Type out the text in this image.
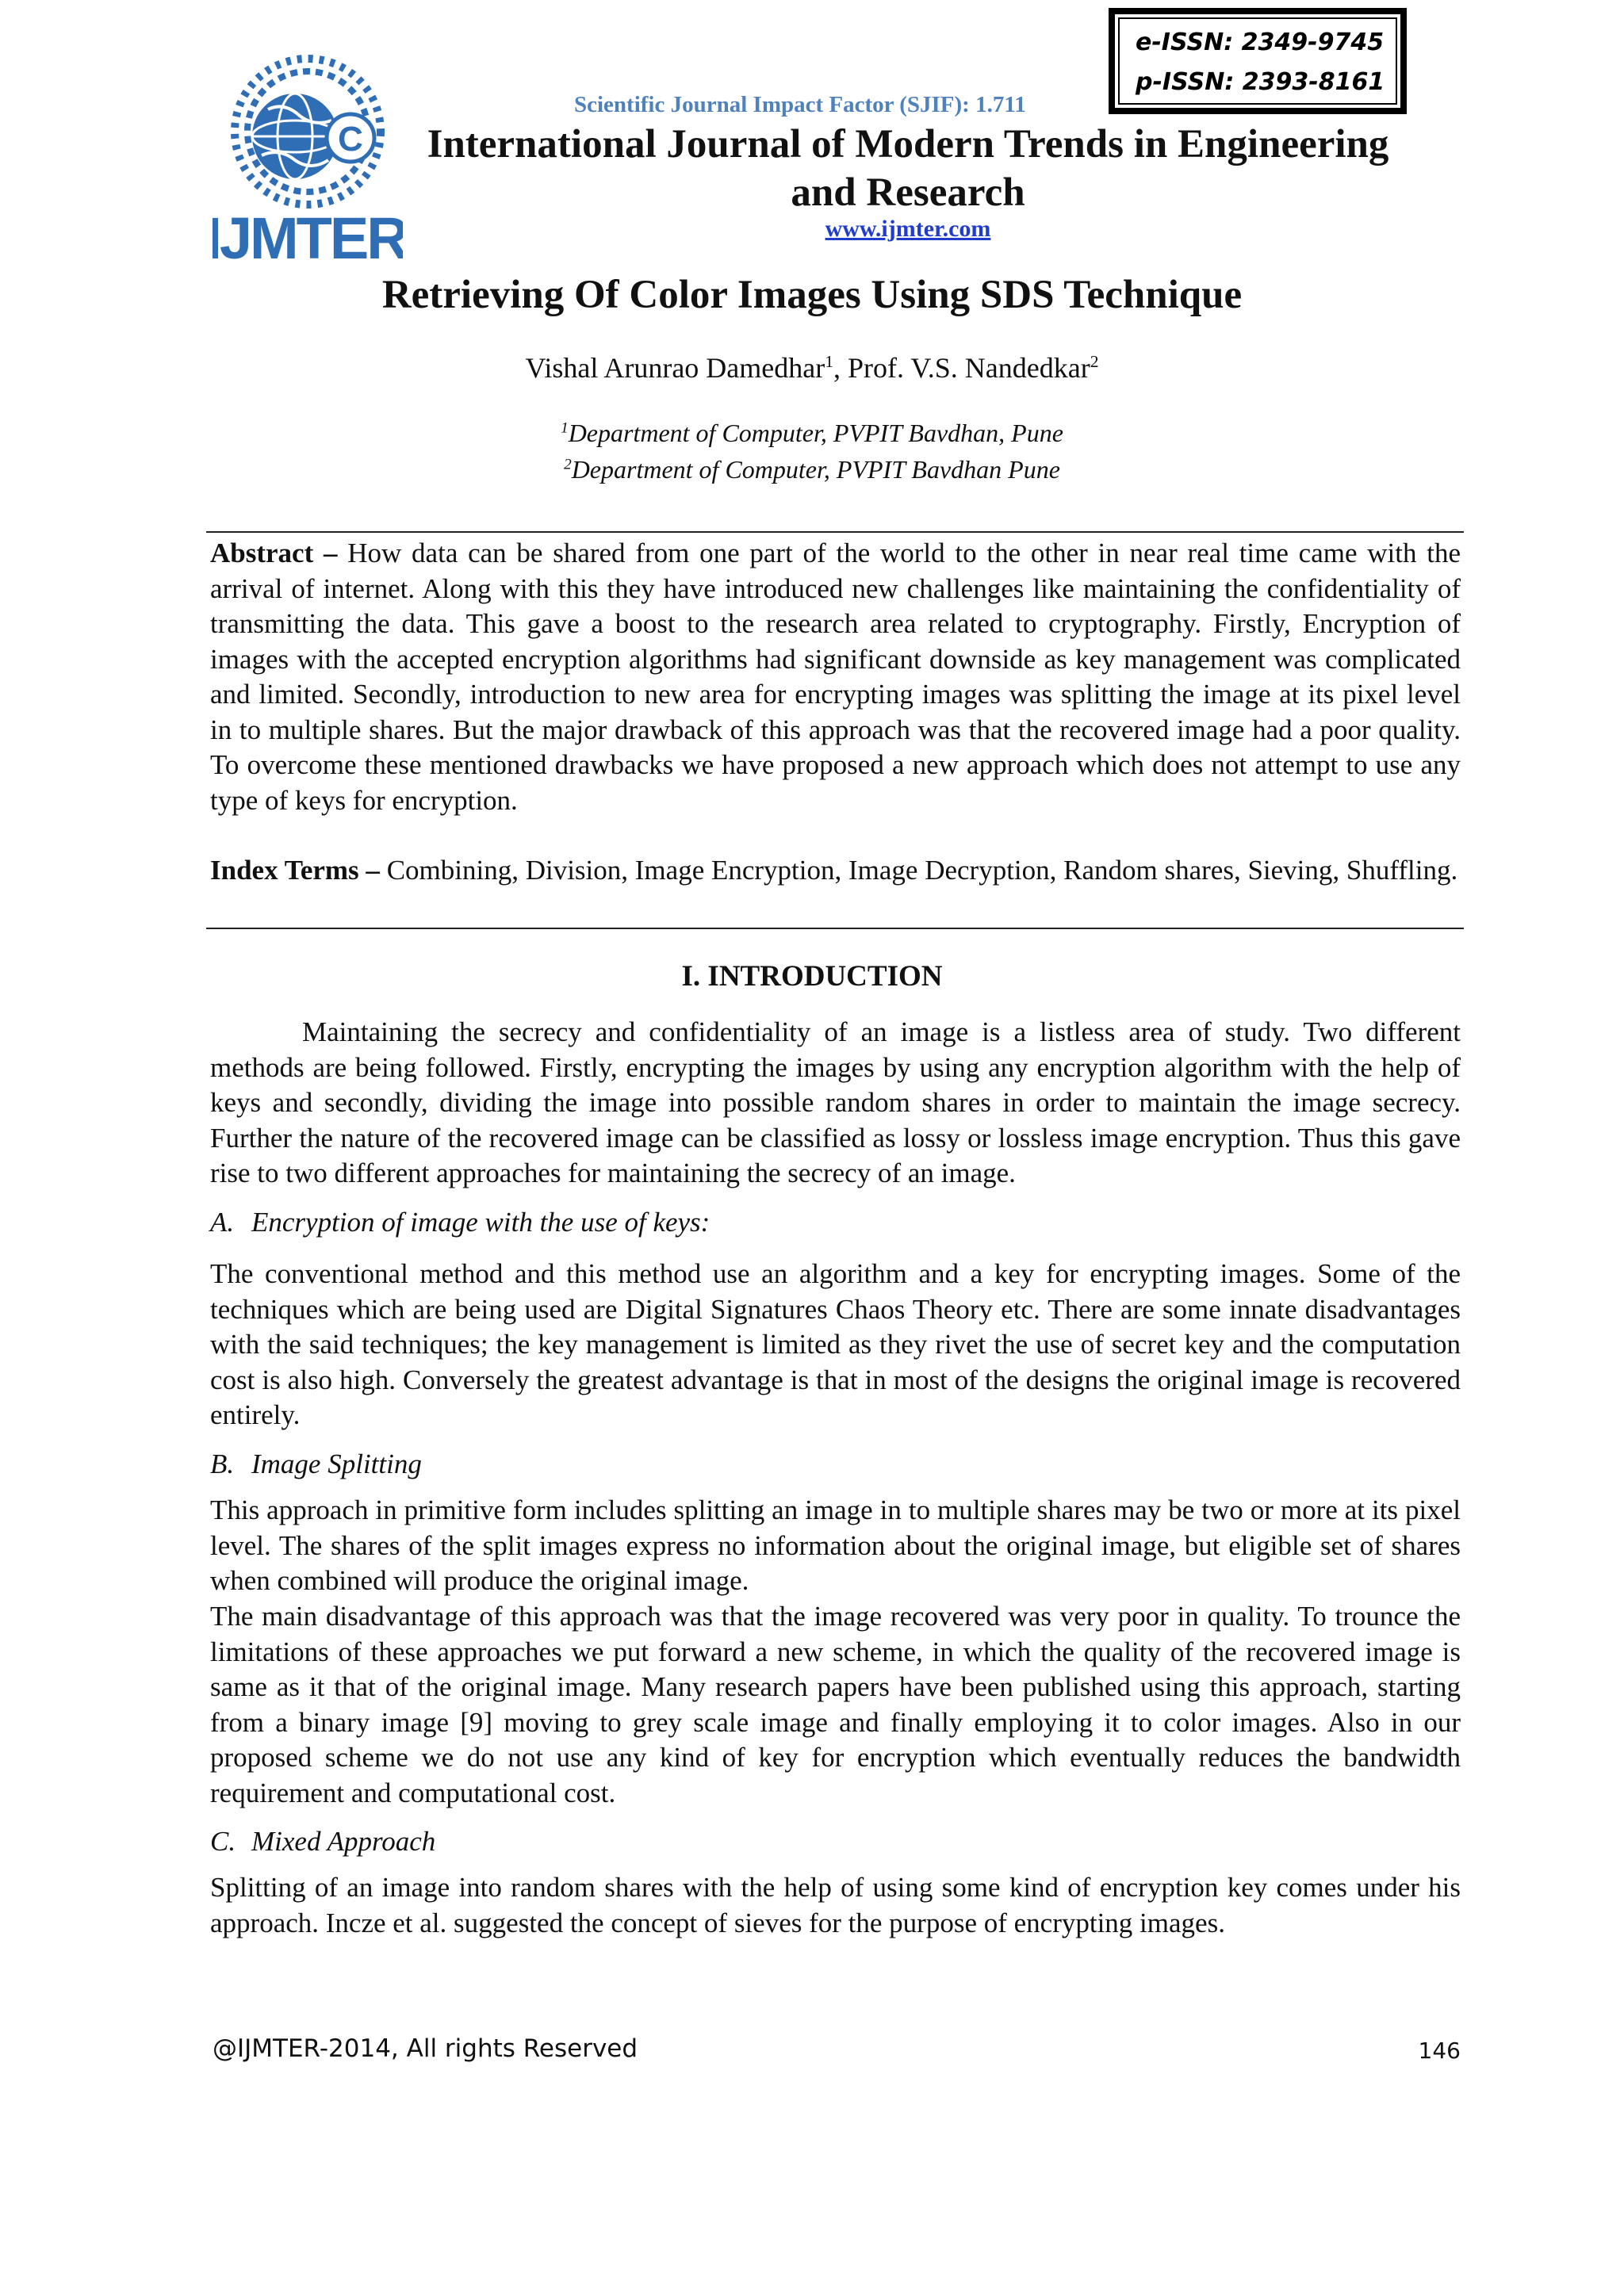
C
IJMTER
Scientific Journal Impact Factor (SJIF): 1.711
e-ISSN: 2349-9745
p-ISSN: 2393-8161
International Journal of Modern Trends in Engineering
and Research
www.ijmter.com
Retrieving Of Color Images Using SDS Technique
Vishal Arunrao Damedhar$^1$, Prof. V.S. Nandedkar$^2$
$^1$Department of Computer, PVPIT Bavdhan, Pune
$^2$Department of Computer, PVPIT Bavdhan Pune
Abstract – How data can be shared from one part of the world to the other in near real time came with the arrival of internet. Along with this they have introduced new challenges like maintaining the confidentiality of transmitting the data. This gave a boost to the research area related to cryptography. Firstly, Encryption of images with the accepted encryption algorithms had significant downside as key management was complicated and limited. Secondly, introduction to new area for encrypting images was splitting the image at its pixel level in to multiple shares. But the major drawback of this approach was that the recovered image had a poor quality. To overcome these mentioned drawbacks we have proposed a new approach which does not attempt to use any type of keys for encryption.
Index Terms – Combining, Division, Image Encryption, Image Decryption, Random shares, Sieving, Shuffling.
I. INTRODUCTION
Maintaining the secrecy and confidentiality of an image is a listless area of study. Two different methods are being followed. Firstly, encrypting the images by using any encryption algorithm with the help of keys and secondly, dividing the image into possible random shares in order to maintain the image secrecy. Further the nature of the recovered image can be classified as lossy or lossless image encryption. Thus this gave rise to two different approaches for maintaining the secrecy of an image.
A. Encryption of image with the use of keys:
The conventional method and this method use an algorithm and a key for encrypting images. Some of the techniques which are being used are Digital Signatures Chaos Theory etc. There are some innate disadvantages with the said techniques; the key management is limited as they rivet the use of secret key and the computation cost is also high. Conversely the greatest advantage is that in most of the designs the original image is recovered entirely.
B. Image Splitting
This approach in primitive form includes splitting an image in to multiple shares may be two or more at its pixel level. The shares of the split images express no information about the original image, but eligible set of shares when combined will produce the original image.
The main disadvantage of this approach was that the image recovered was very poor in quality. To trounce the limitations of these approaches we put forward a new scheme, in which the quality of the recovered image is same as it that of the original image. Many research papers have been published using this approach, starting from a binary image [9] moving to grey scale image and finally employing it to color images. Also in our proposed scheme we do not use any kind of key for encryption which eventually reduces the bandwidth requirement and computational cost.
C. Mixed Approach
Splitting of an image into random shares with the help of using some kind of encryption key comes under his approach. Incze et al. suggested the concept of sieves for the purpose of encrypting images.
@IJMTER-2014, All rights Reserved	146
